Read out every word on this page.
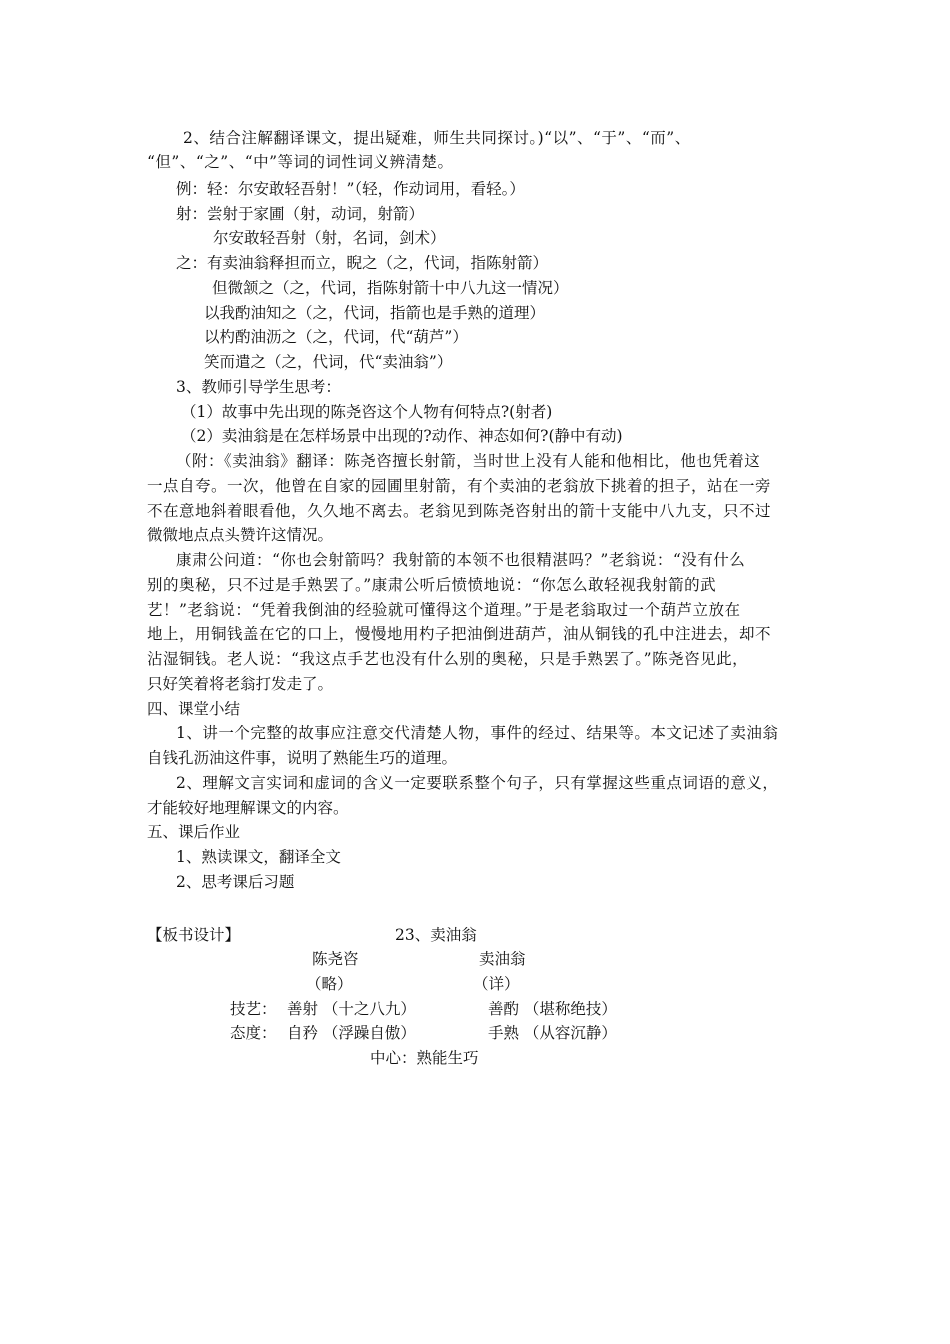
2、结合注解翻译课文，提出疑难，师生共同探讨。)“以”、“于”、“而”、
“但”、“之”、“中”等词的词性词义辨清楚。
例：轻：尔安敢轻吾射！”（轻，作动词用，看轻。）
射：尝射于家圃（射，动词，射箭）
尔安敢轻吾射（射，名词，剑术）
之：有卖油翁释担而立，睨之（之，代词，指陈射箭）
但微颔之（之，代词，指陈射箭十中八九这一情况）
以我酌油知之（之，代词，指箭也是手熟的道理）
以杓酌油沥之（之，代词，代“葫芦”）
笑而遣之（之，代词，代“卖油翁”）
3、教师引导学生思考：
（1）故事中先出现的陈尧咨这个人物有何特点?(射者)
（2）卖油翁是在怎样场景中出现的?动作、神态如何?(静中有动)
（附：《卖油翁》翻译：陈尧咨擅长射箭，当时世上没有人能和他相比，他也凭着这
一点自夸。一次，他曾在自家的园圃里射箭，有个卖油的老翁放下挑着的担子，站在一旁
不在意地斜着眼看他，久久地不离去。老翁见到陈尧咨射出的箭十支能中八九支，只不过
微微地点点头赞许这情况。
康肃公问道：“你也会射箭吗？我射箭的本领不也很精湛吗？”老翁说：“没有什么
别的奥秘，只不过是手熟罢了。”康肃公听后愤愤地说：“你怎么敢轻视我射箭的武
艺！”老翁说：“凭着我倒油的经验就可懂得这个道理。”于是老翁取过一个葫芦立放在
地上，用铜钱盖在它的口上，慢慢地用杓子把油倒进葫芦，油从铜钱的孔中注进去，却不
沾湿铜钱。老人说：“我这点手艺也没有什么别的奥秘，只是手熟罢了。”陈尧咨见此，
只好笑着将老翁打发走了。
四、课堂小结
1、讲一个完整的故事应注意交代清楚人物，事件的经过、结果等。本文记述了卖油翁
自钱孔沥油这件事，说明了熟能生巧的道理。
2、理解文言实词和虚词的含义一定要联系整个句子，只有掌握这些重点词语的意义，
才能较好地理解课文的内容。
五、课后作业
1、熟读课文，翻译全文
2、思考课后习题
【板书设计】	23、卖油翁
陈尧咨	卖油翁
（略）	（详）
技艺： 善射 （十之八九）	善酌 （堪称绝技）
态度： 自矜 （浮躁自傲）	手熟 （从容沉静）
中心：熟能生巧
